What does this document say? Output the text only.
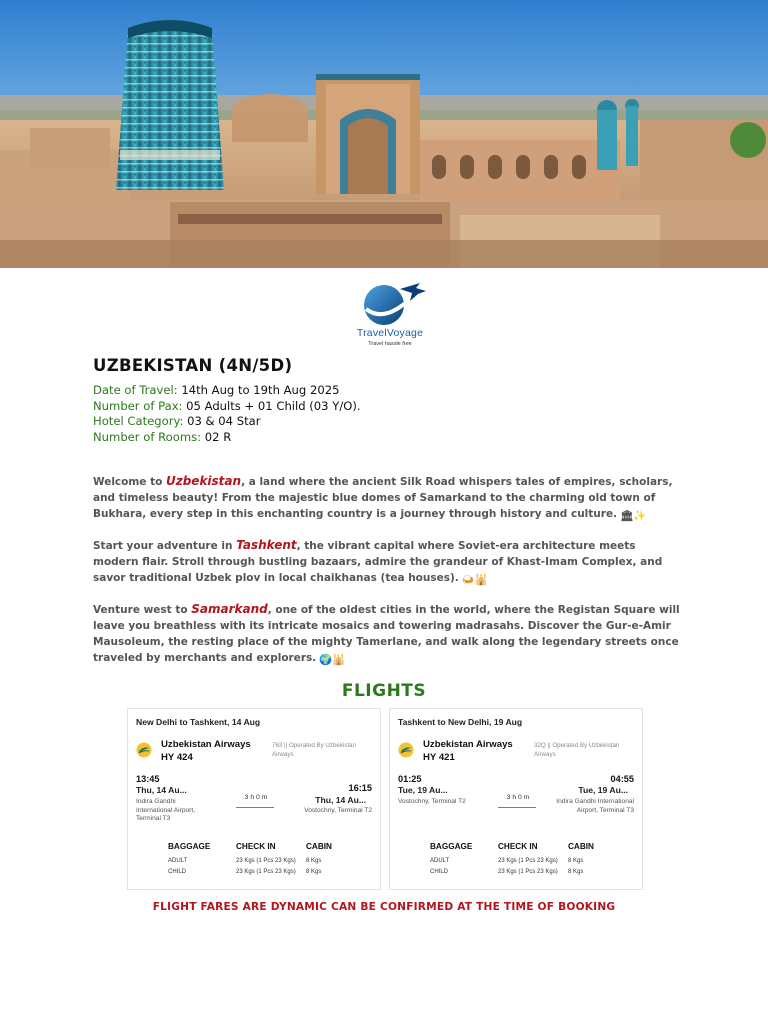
TravelVoyage
Travel hassle free
UZBEKISTAN (4N/5D)
Date of Travel: 14th Aug to 19th Aug 2025
Number of Pax: 05 Adults + 01 Child (03 Y/O).
Hotel Category: 03 & 04 Star
Number of Rooms: 02 R

Welcome to Uzbekistan, a land where the ancient Silk Road whispers tales of empires, scholars, and timeless beauty! From the majestic blue domes of Samarkand to the charming old town of Bukhara, every step in this enchanting country is a journey through history and culture. 🏛✨

Start your adventure in Tashkent, the vibrant capital where Soviet-era architecture meets modern flair. Stroll through bustling bazaars, admire the grandeur of Khast-Imam Complex, and savor traditional Uzbek plov in local chaikhanas (tea houses). 🍛🕌

Venture west to Samarkand, one of the oldest cities in the world, where the Registan Square will leave you breathless with its intricate mosaics and towering madrasahs. Discover the Gur-e-Amir Mausoleum, the resting place of the mighty Tamerlane, and walk along the legendary streets once traveled by merchants and explorers. 🌍🕌

FLIGHTS
New Delhi to Tashkent, 14 Aug
Uzbekistan Airways
HY 424
763 || Operated By Uzbekistan Airways
13:45
Thu, 14 Au...
Indira Gandhi International Airport, Terminal T3
3 h 0 m
16:15
Thu, 14 Au...
Vostochny, Terminal T2
BAGGAGE	CHECK IN	CABIN
ADULT	23 Kgs (1 Pcs 23 Kgs)	8 Kgs
CHILD	23 Kgs (1 Pcs 23 Kgs)	8 Kgs
Tashkent to New Delhi, 19 Aug
Uzbekistan Airways
HY 421
32Q || Operated By Uzbekistan Airways
01:25
Tue, 19 Au...
Vostochny, Terminal T2
3 h 0 m
04:55
Tue, 19 Au...
Indira Gandhi International Airport, Terminal T3
BAGGAGE	CHECK IN	CABIN
ADULT	23 Kgs (1 Pcs 23 Kgs)	8 Kgs
CHILD	23 Kgs (1 Pcs 23 Kgs)	8 Kgs

FLIGHT FARES ARE DYNAMIC CAN BE CONFIRMED AT THE TIME OF BOOKING
